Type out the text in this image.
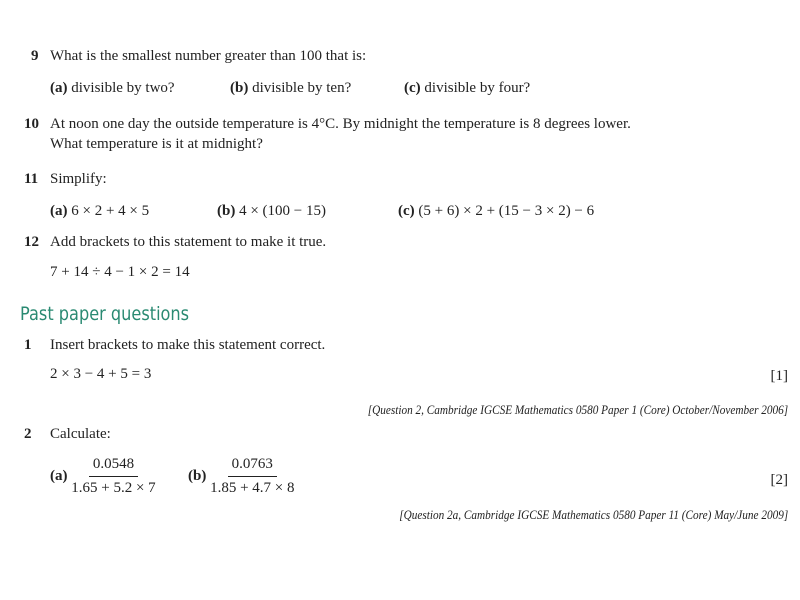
9 What is the smallest number greater than 100 that is:
(a) divisible by two?	(b) divisible by ten?	(c) divisible by four?
10 At noon one day the outside temperature is 4°C. By midnight the temperature is 8 degrees lower.
What temperature is it at midnight?
11 Simplify:
(a) 6 × 2 + 4 × 5	(b) 4 × (100 − 15)	(c) (5 + 6) × 2 + (15 − 3 × 2) − 6
12 Add brackets to this statement to make it true.
7 + 14 ÷ 4 − 1 × 2 = 14
Past paper questions
1 Insert brackets to make this statement correct.
2 × 3 − 4 + 5 = 3	[1]
[Question 2, Cambridge IGCSE Mathematics 0580 Paper 1 (Core) October/November 2006]
2 Calculate:
$(a) \frac{0.0548}{1.65 + 5.2 \times 7} (b) \frac{0.0763}{1.85 + 4.7 \times 8}$	[2]
[Question 2a, Cambridge IGCSE Mathematics 0580 Paper 11 (Core) May/June 2009]
